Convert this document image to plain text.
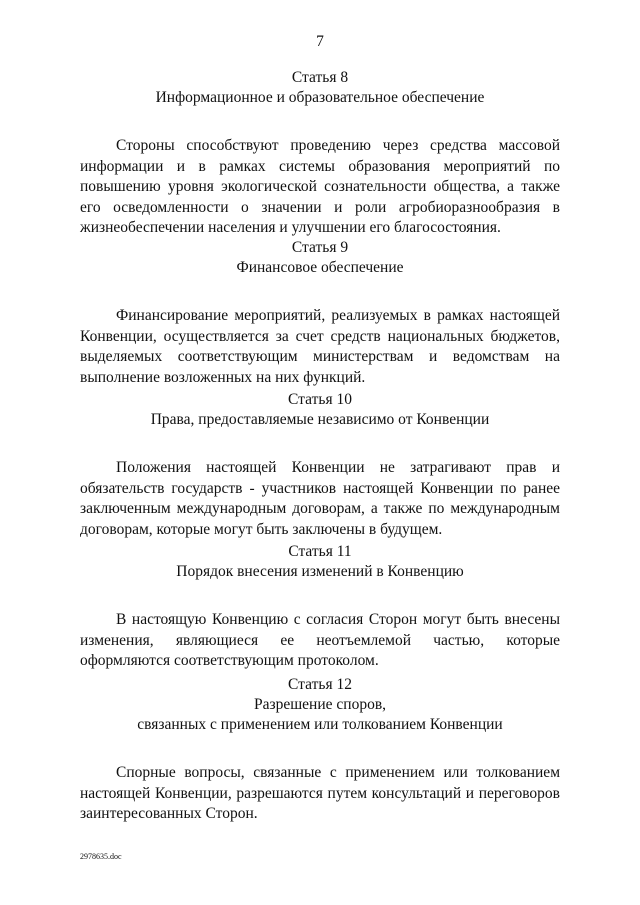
7
Статья 8
Информационное и образовательное обеспечение
Стороны способствуют проведению через средства массовой информации и в рамках системы образования мероприятий по повышению уровня экологической сознательности общества, а также его осведомленности о значении и роли агробиоразнообразия в жизнеобеспечении населения и улучшении его благосостояния.
Статья 9
Финансовое обеспечение
Финансирование мероприятий, реализуемых в рамках настоящей Конвенции, осуществляется за счет средств национальных бюджетов, выделяемых соответствующим министерствам и ведомствам на выполнение возложенных на них функций.
Статья 10
Права, предоставляемые независимо от Конвенции
Положения настоящей Конвенции не затрагивают прав и обязательств государств - участников настоящей Конвенции по ранее заключенным международным договорам, а также по международным договорам, которые могут быть заключены в будущем.
Статья 11
Порядок внесения изменений в Конвенцию
В настоящую Конвенцию с согласия Сторон могут быть внесены изменения, являющиеся ее неотъемлемой частью, которые оформляются соответствующим протоколом.
Статья 12
Разрешение споров,
связанных с применением или толкованием Конвенции
Спорные вопросы, связанные с применением или толкованием настоящей Конвенции, разрешаются путем консультаций и переговоров заинтересованных Сторон.
2978635.doc
